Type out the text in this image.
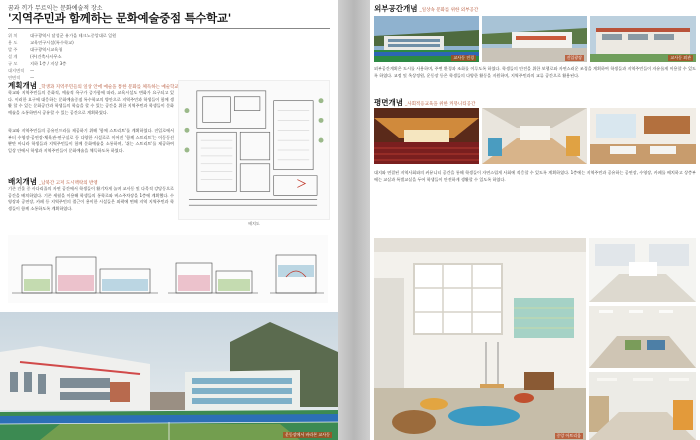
꿈과 끼가 무르익는 문화예술적 장소
'지역주민과 함께하는 문화예술중점 특수학교'
위 치	대구광역시 달성군 유가읍 테크노중앙대로 일원
용 도	교육연구시설(특수학교)
발 주	대구광역시교육청
설 계	(주)건축사사무소
규 모	지하 1층 / 지상 3층
대지면적	—
연면적	—
계획개념 _학생과 지역주민들의 일상 안에 예술을 통한 문화를 체득하는 예술학교
학교와 지역주민들의 문화적, 예술적 욕구가 증가함에 따라, 교육시설도 변화가 요구되고 있다. 이러한 요구에 대응하는 문화예술중점 특수학교의 방안으로 지역주민과 학생들이 함께 생활 할 수 있는 문화공간과 학생들의 학습을 할 수 있는 공간을 위한 지역주민과 학생들이 문화예술을 소통하면서 공유할 수 있는 공간으로 계획하였다.
학교와 지역주민들의 공유인프라를 제공하기 위해 '함께 스트리트'를 계획하였다. 진입로에서부터 수영장-공연장-체육관-연구실로 등 다양한 시설로로 이어진 '함께 스트리트'는 이동동선 뿐만 아니라 학생들과 지역주민들이 함께 문화예술을 소통하며, '쉬는 스트리트'를 제공하여 일상 안에서 학생과 지역주민들이 문화예술을 체득하도록 하였다.
배치도
배치개념 _남북간 고저 도시맥락의 반영
기존 건물 중 사다리꼴의 자연 공간에서 학생들이 활기차게 놀며 교사동 및 다목적 강당동으로 공간을 배치하였다. 기존 세월을 이용해 학생들의 통학로와 버스주차장을 1층에 계획했다. 수영장과 공연장, 카페 등 지역주민의 접근이 용이한 시설들은 외곽에 면해 지역 지역주민과 학생들이 함께 소통하도록 계획하였다.
운동장에서 바라본 교사동
외부공간개념 _일상속 문화를 위한 외부공간
교사동 전경	진입광장	교사동 외관
외부공간계획은 도시를 사용하며, 주변 환경과 조화를 이루도록 하였다. 학생들의 안전을 위한 보행로와 자연스러운 조경을 계획하여 학생들과 지역주민들이 자유롭게 이용할 수 있도록 하였다. 교정 및 옥상정원, 운동장 등은 학생들의 다양한 활동을 지원하며, 지역주민과의 교류 공간으로 활용된다.
평면개념 _사회적응교육을 위한 커뮤니티공간
대지와 연결된 지역사회와의 커뮤니티 공간을 통해 학생들이 자연스럽게 사회에 적응할 수 있도록 계획하였다. 1층에는 지역주민과 공유하는 공연장, 수영장, 카페를 배치하고 상층부에는 교실과 특별교실을 두어 학생들이 안전하게 생활할 수 있도록 하였다.
중앙 아트리움
